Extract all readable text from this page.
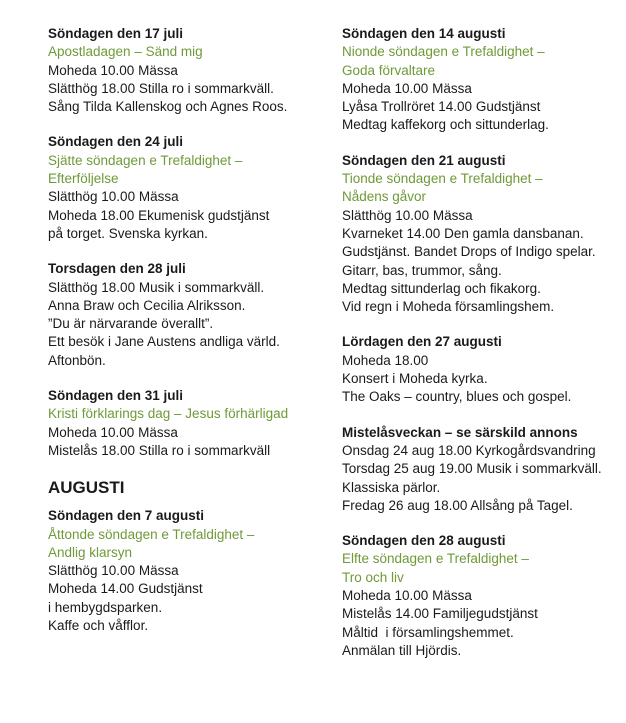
Söndagen den 17 juli
Apostladagen – Sänd mig
Moheda 10.00 Mässa
Slätthög 18.00 Stilla ro i sommarkväll.
Sång Tilda Kallenskog och Agnes Roos.
Söndagen den 24 juli
Sjätte söndagen e Trefaldighet –
Efterföljelse
Slätthög 10.00 Mässa
Moheda 18.00 Ekumenisk gudstjänst
på torget. Svenska kyrkan.
Torsdagen den 28 juli
Slätthög 18.00 Musik i sommarkväll.
Anna Braw och Cecilia Alriksson.
”Du är närvarande överallt”.
Ett besök i Jane Austens andliga värld.
Aftonbön.
Söndagen den 31 juli
Kristi förklarings dag – Jesus förhärligad
Moheda 10.00 Mässa
Mistelås 18.00 Stilla ro i sommarkväll
AUGUSTI
Söndagen den 7 augusti
Åttonde söndagen e Trefaldighet –
Andlig klarsyn
Slätthög 10.00 Mässa
Moheda 14.00 Gudstjänst
i hembygdsparken.
Kaffe och våfflor.
Söndagen den 14 augusti
Nionde söndagen e Trefaldighet –
Goda förvaltare
Moheda 10.00 Mässa
Lyåsa Trollröret 14.00 Gudstjänst
Medtag kaffekorg och sittunderlag.
Söndagen den 21 augusti
Tionde söndagen e Trefaldighet –
Nådens gåvor
Slätthög 10.00 Mässa
Kvarneket 14.00 Den gamla dansbanan.
Gudstjänst. Bandet Drops of Indigo spelar.
Gitarr, bas, trummor, sång.
Medtag sittunderlag och fikakorg.
Vid regn i Moheda församlingshem.
Lördagen den 27 augusti
Moheda 18.00
Konsert i Moheda kyrka.
The Oaks – country, blues och gospel.
Mistelåsveckan – se särskild annons
Onsdag 24 aug 18.00 Kyrkogårdsvandring
Torsdag 25 aug 19.00 Musik i sommarkväll.
Klassiska pärlor.
Fredag 26 aug 18.00 Allsång på Tagel.
Söndagen den 28 augusti
Elfte söndagen e Trefaldighet –
Tro och liv
Moheda 10.00 Mässa
Mistelås 14.00 Familjegudstjänst
Måltid  i församlingshemmet.
Anmälan till Hjördis.
